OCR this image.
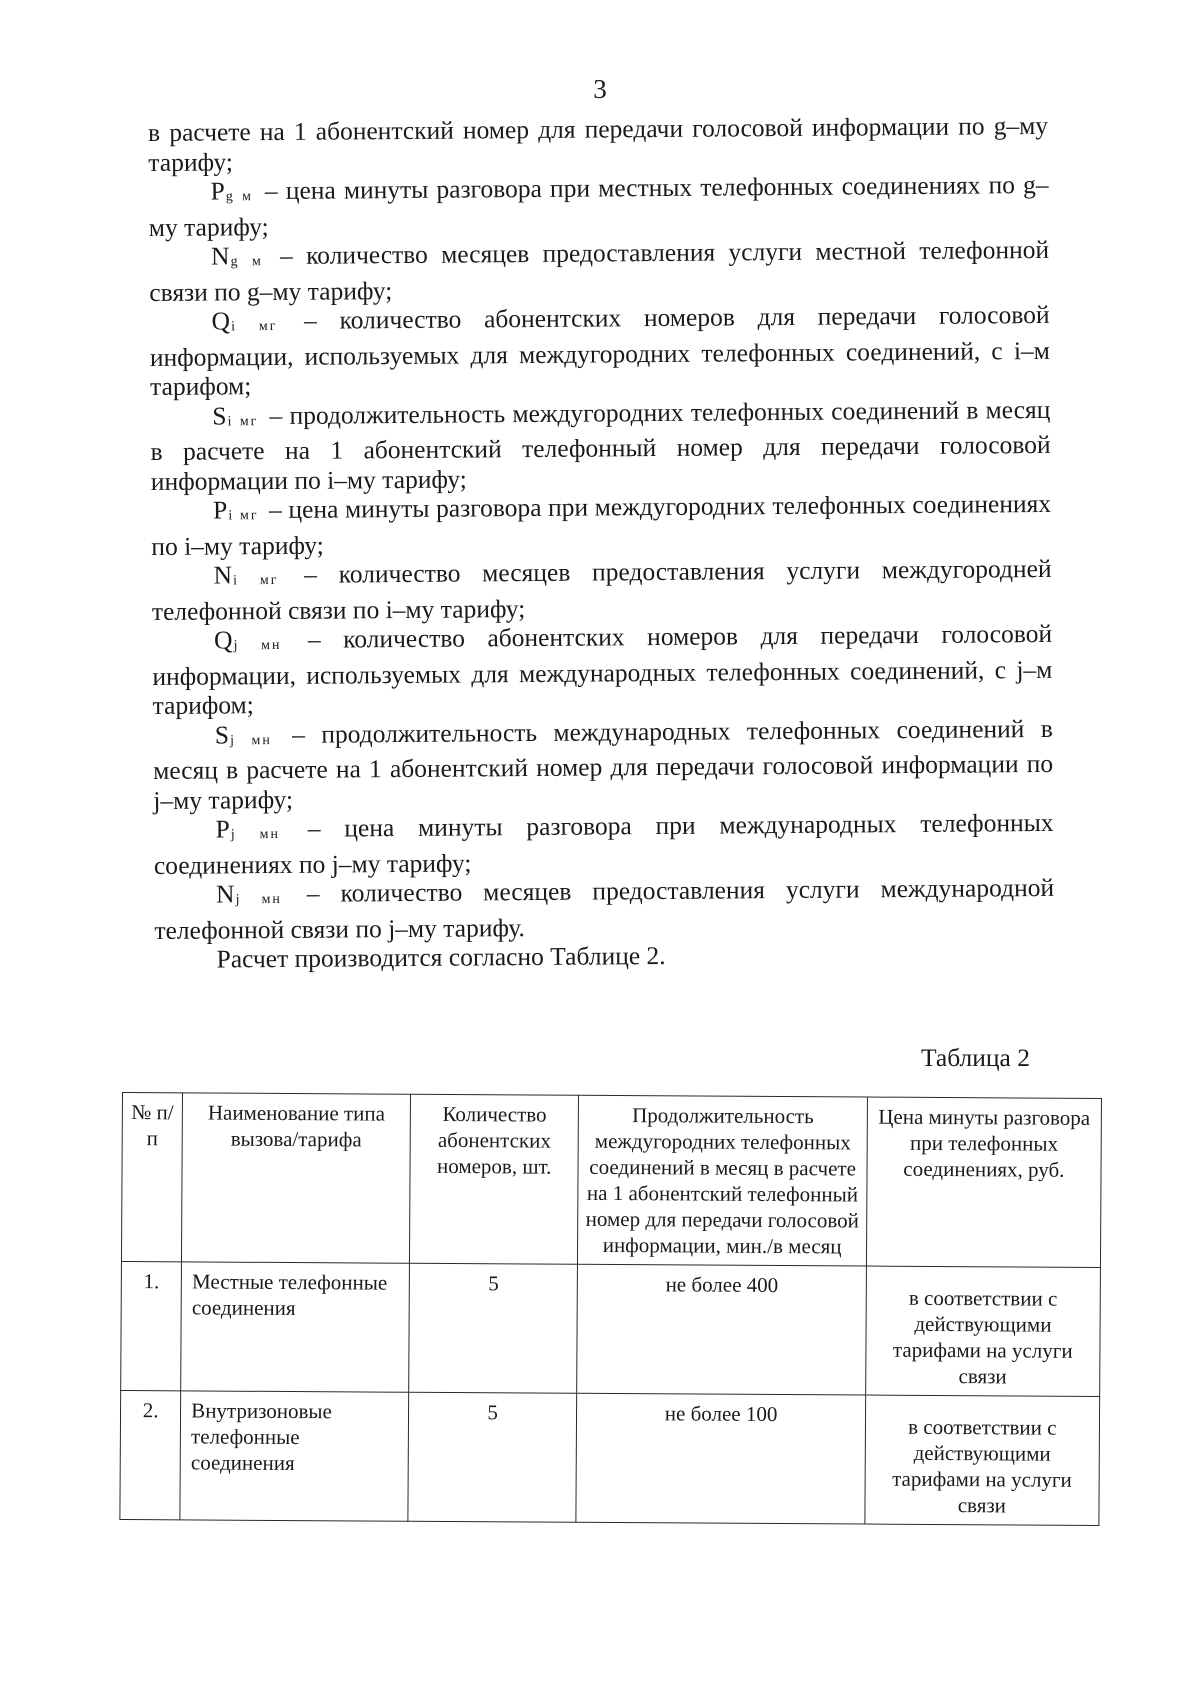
3

в расчете на 1 абонентский номер для передачи голосовой информации по g–му тарифу;

Pg м – цена минуты разговора при местных телефонных соединениях по g–му тарифу;

Ng м – количество месяцев предоставления услуги местной телефонной связи по g–му тарифу;

Qi мг – количество абонентских номеров для передачи голосовой информации, используемых для междугородних телефонных соединений, с i–м тарифом;

Si мг – продолжительность междугородних телефонных соединений в месяц в расчете на 1 абонентский телефонный номер для передачи голосовой информации по i–му тарифу;

Pi мг – цена минуты разговора при междугородних телефонных соединениях по i–му тарифу;

Ni мг – количество месяцев предоставления услуги междугородней телефонной связи по i–му тарифу;

Qj мн – количество абонентских номеров для передачи голосовой информации, используемых для международных телефонных соединений, с j–м тарифом;

Sj мн – продолжительность международных телефонных соединений в месяц в расчете на 1 абонентский номер для передачи голосовой информации по j–му тарифу;

Pj мн – цена минуты разговора при международных телефонных соединениях по j–му тарифу;

Nj мн – количество месяцев предоставления услуги международной телефонной связи по j–му тарифу.

Расчет производится согласно Таблице 2.

Таблица 2
№ п/п	Наименование типа вызова/тарифа	Количество абонентских номеров, шт.	Продолжительность междугородних телефонных соединений в месяц в расчете на 1 абонентский телефонный номер для передачи голосовой информации, мин./в месяц	Цена минуты разговора при телефонных соединениях, руб.
1.	Местные телефонные соединения	5	не более 400	в соответствии с действующими тарифами на услуги связи
2.	Внутризоновые телефонные соединения	5	не более 100	в соответствии с действующими тарифами на услуги связи
